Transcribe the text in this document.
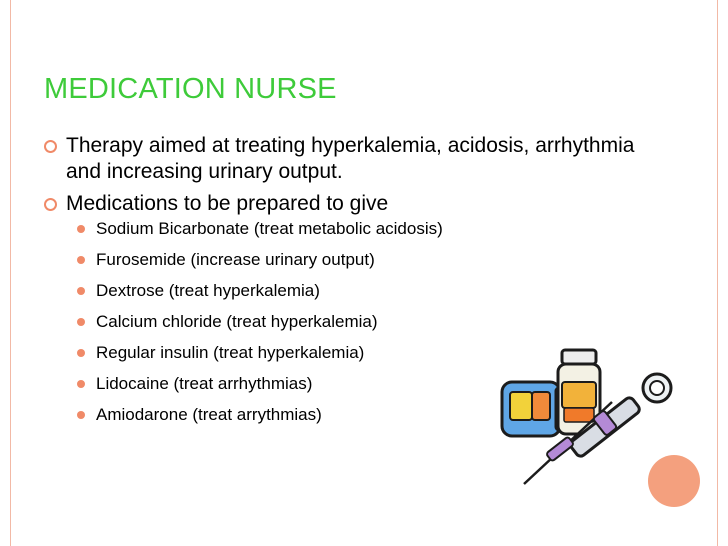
MEDICATION NURSE
Therapy aimed at treating hyperkalemia, acidosis, arrhythmia and increasing urinary output.
Medications to be prepared to give
Sodium Bicarbonate (treat metabolic acidosis)
Furosemide (increase urinary output)
Dextrose (treat hyperkalemia)
Calcium chloride (treat hyperkalemia)
Regular insulin (treat hyperkalemia)
Lidocaine (treat arrhythmias)
Amiodarone (treat arrythmias)
